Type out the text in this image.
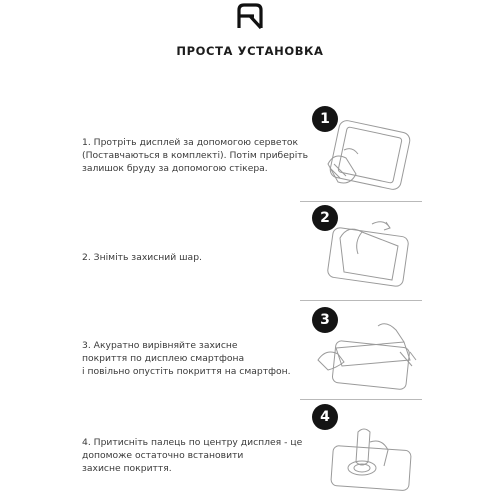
ПРОСТА УСТАНОВКА
1. Протріть дисплей за допомогою серветок
(Поставчаються в комплекті). Потім приберіть
залишок бруду за допомогою стікера.
1
2. Зніміть захисний шар.
2
3. Акуратно вирівняйте захисне
покриття по дисплею смартфона
і повільно опустіть покриття на смартфон.
3
4. Притисніть палець по центру дисплея - це
допоможе остаточно встановити
захисне покриття.
4
